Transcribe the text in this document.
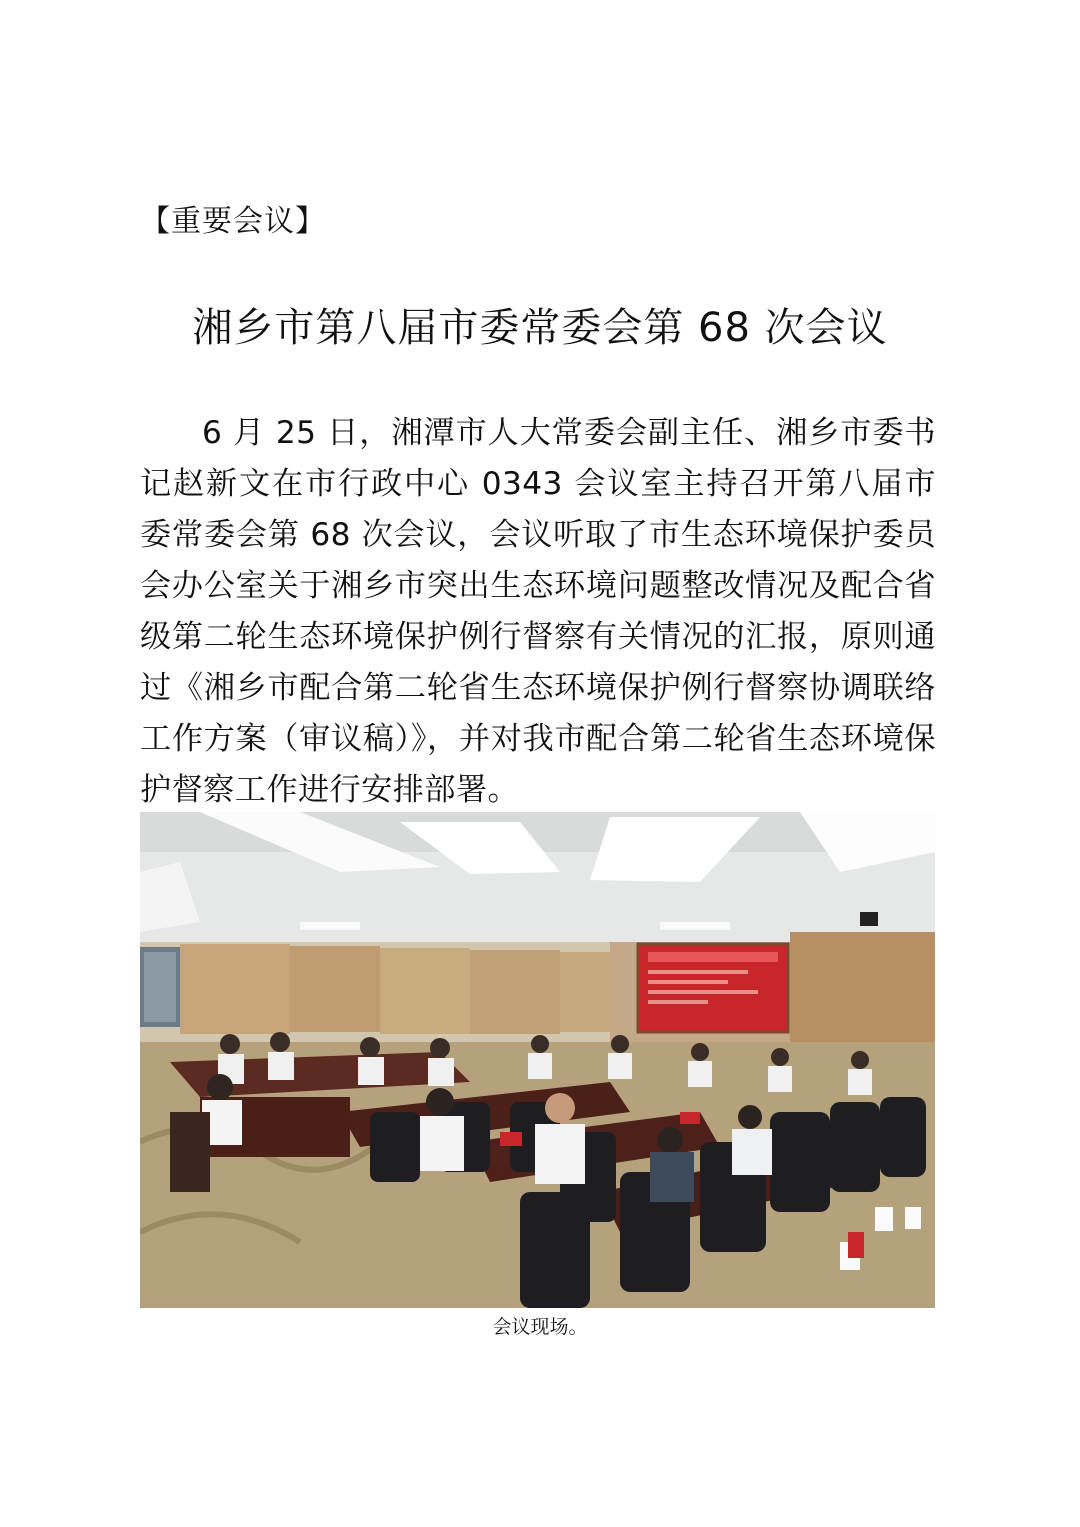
【重要会议】
湘乡市第八届市委常委会第 68 次会议

6 月 25 日，湘潭市人大常委会副主任、湘乡市委书记赵新文在市行政中心 0343 会议室主持召开第八届市委常委会第 68 次会议，会议听取了市生态环境保护委员会办公室关于湘乡市突出生态环境问题整改情况及配合省级第二轮生态环境保护例行督察有关情况的汇报，原则通过《湘乡市配合第二轮省生态环境保护例行督察协调联络工作方案（审议稿）》，并对我市配合第二轮省生态环境保护督察工作进行安排部署。

会议现场。
